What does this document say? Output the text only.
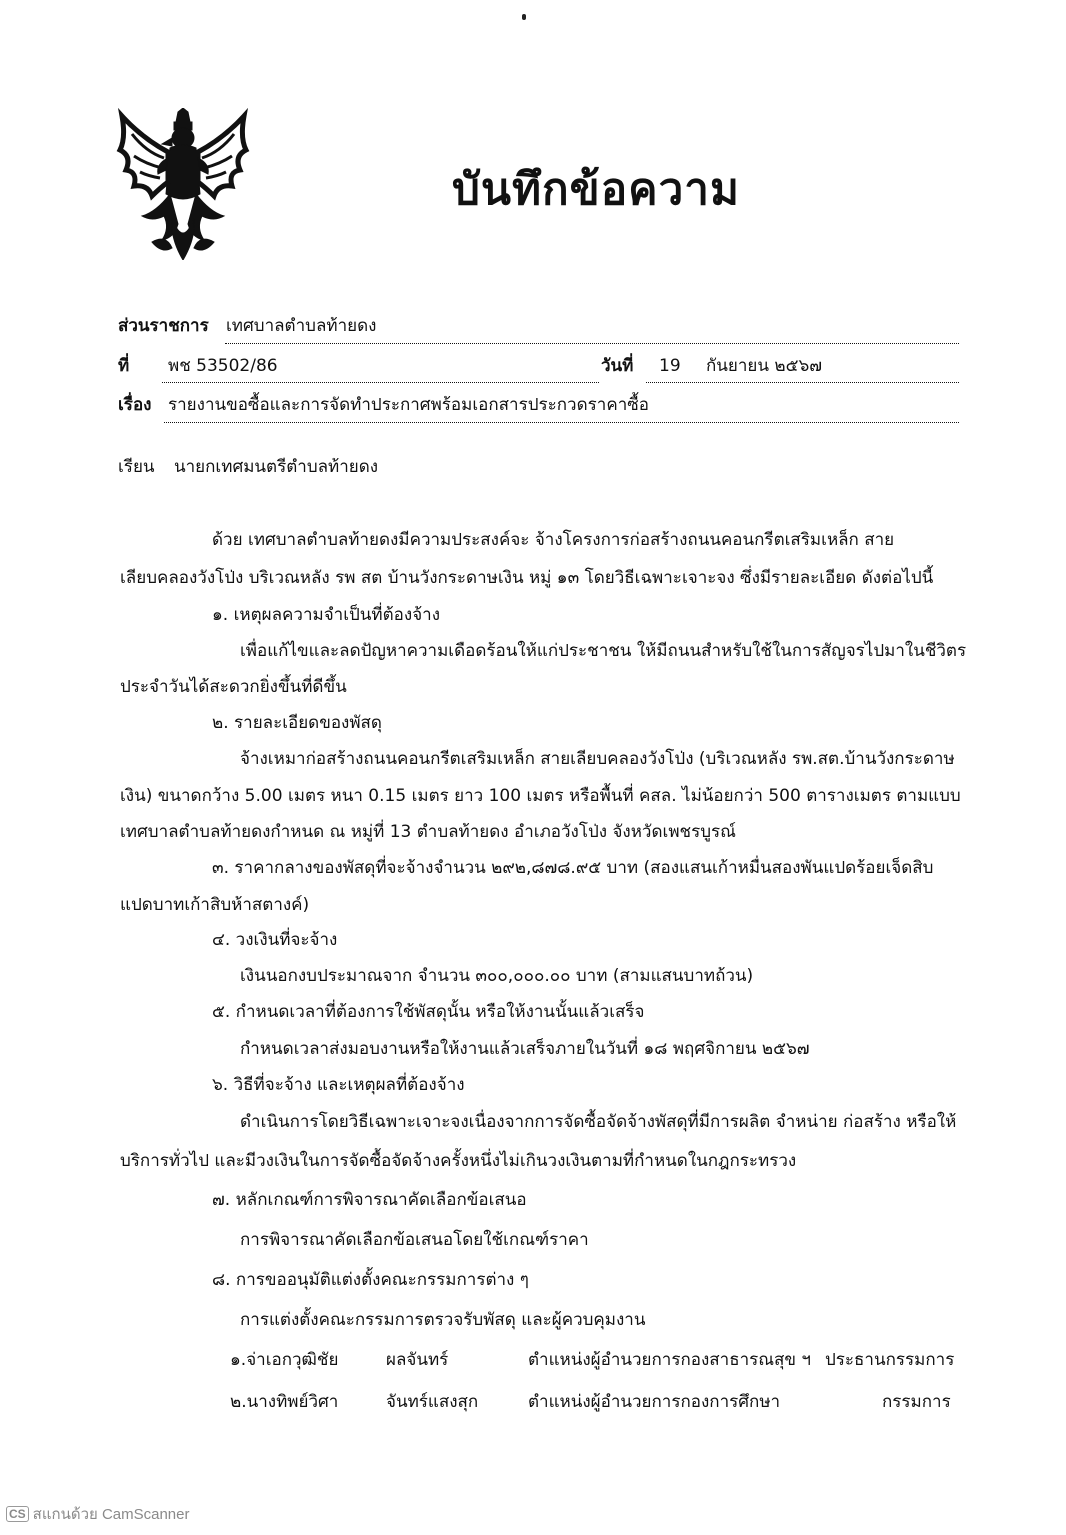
บันทึกข้อความ
ส่วนราชการ เทศบาลตำบลท้ายดง
ที่ พช 53502/86	วันที่ 19 กันยายน ๒๕๖๗
เรื่อง รายงานขอซื้อและการจัดทำประกาศพร้อมเอกสารประกวดราคาซื้อ
เรียน นายกเทศมนตรีตำบลท้ายดง
ด้วย เทศบาลตำบลท้ายดงมีความประสงค์จะ จ้างโครงการก่อสร้างถนนคอนกรีตเสริมเหล็ก สาย
เลียบคลองวังโป่ง บริเวณหลัง รพ สต บ้านวังกระดาษเงิน หมู่ ๑๓ โดยวิธีเฉพาะเจาะจง ซึ่งมีรายละเอียด ดังต่อไปนี้
๑. เหตุผลความจำเป็นที่ต้องจ้าง
เพื่อแก้ไขและลดปัญหาความเดือดร้อนให้แก่ประชาชน ให้มีถนนสำหรับใช้ในการสัญจรไปมาในชีวิตร
ประจำวันได้สะดวกยิ่งขึ้นที่ดีขึ้น
๒. รายละเอียดของพัสดุ
จ้างเหมาก่อสร้างถนนคอนกรีตเสริมเหล็ก สายเลียบคลองวังโป่ง (บริเวณหลัง รพ.สต.บ้านวังกระดาษ
เงิน) ขนาดกว้าง 5.00 เมตร หนา 0.15 เมตร ยาว 100 เมตร หรือพื้นที่ คสล. ไม่น้อยกว่า 500 ตารางเมตร ตามแบบ
เทศบาลตำบลท้ายดงกำหนด ณ หมู่ที่ 13 ตำบลท้ายดง อำเภอวังโป่ง จังหวัดเพชรบูรณ์
๓. ราคากลางของพัสดุที่จะจ้างจำนวน ๒๙๒,๘๗๘.๙๕ บาท (สองแสนเก้าหมื่นสองพันแปดร้อยเจ็ดสิบ
แปดบาทเก้าสิบห้าสตางค์)
๔. วงเงินที่จะจ้าง
เงินนอกงบประมาณจาก จำนวน ๓๐๐,๐๐๐.๐๐ บาท (สามแสนบาทถ้วน)
๕. กำหนดเวลาที่ต้องการใช้พัสดุนั้น หรือให้งานนั้นแล้วเสร็จ
กำหนดเวลาส่งมอบงานหรือให้งานแล้วเสร็จภายในวันที่ ๑๘ พฤศจิกายน ๒๕๖๗
๖. วิธีที่จะจ้าง และเหตุผลที่ต้องจ้าง
ดำเนินการโดยวิธีเฉพาะเจาะจงเนื่องจากการจัดซื้อจัดจ้างพัสดุที่มีการผลิต จำหน่าย ก่อสร้าง หรือให้
บริการทั่วไป และมีวงเงินในการจัดซื้อจัดจ้างครั้งหนึ่งไม่เกินวงเงินตามที่กำหนดในกฎกระทรวง
๗. หลักเกณฑ์การพิจารณาคัดเลือกข้อเสนอ
การพิจารณาคัดเลือกข้อเสนอโดยใช้เกณฑ์ราคา
๘. การขออนุมัติแต่งตั้งคณะกรรมการต่าง ๆ
การแต่งตั้งคณะกรรมการตรวจรับพัสดุ และผู้ควบคุมงาน
๑.จ่าเอกวุฒิชัย	ผลจันทร์	ตำแหน่งผู้อำนวยการกองสาธารณสุข ฯ ประธานกรรมการ
๒.นางทิพย์วิศา	จันทร์แสงสุก	ตำแหน่งผู้อำนวยการกองการศึกษา	กรรมการ
CS สแกนด้วย CamScanner
